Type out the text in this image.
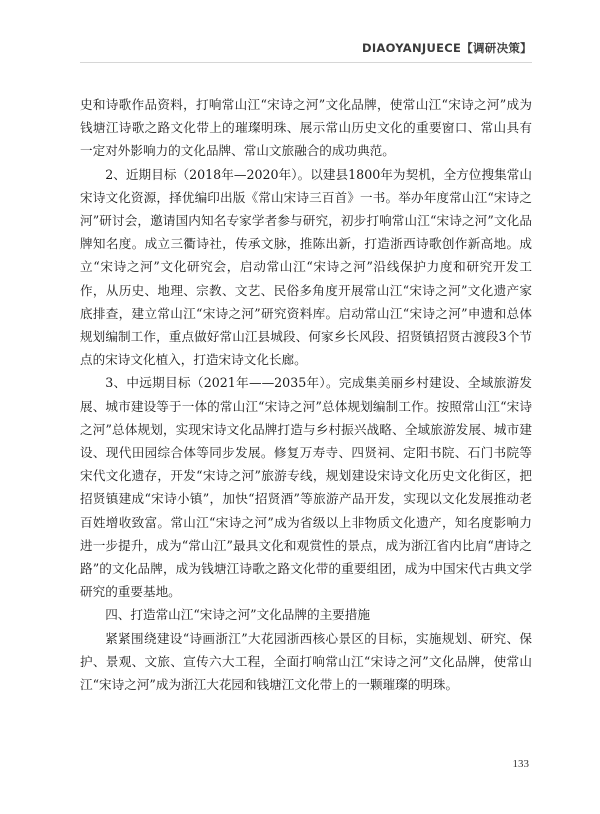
DIAOYANJUECE【调研决策】

史和诗歌作品资料，打响常山江“宋诗之河”文化品牌，使常山江“宋诗之河”成为钱塘江诗歌之路文化带上的璀璨明珠、展示常山历史文化的重要窗口、常山具有一定对外影响力的文化品牌、常山文旅融合的成功典范。

2、近期目标（2018年—2020年）。以建县1800年为契机，全方位搜集常山宋诗文化资源，择优编印出版《常山宋诗三百首》一书。举办年度常山江“宋诗之河”研讨会，邀请国内知名专家学者参与研究，初步打响常山江“宋诗之河”文化品牌知名度。成立三衢诗社，传承文脉，推陈出新，打造浙西诗歌创作新高地。成立“宋诗之河”文化研究会，启动常山江“宋诗之河”沿线保护力度和研究开发工作，从历史、地理、宗教、文艺、民俗多角度开展常山江“宋诗之河”文化遗产家底排查，建立常山江“宋诗之河”研究资料库。启动常山江“宋诗之河”申遗和总体规划编制工作，重点做好常山江县城段、何家乡长风段、招贤镇招贤古渡段3个节点的宋诗文化植入，打造宋诗文化长廊。

3、中远期目标（2021年——2035年）。完成集美丽乡村建设、全域旅游发展、城市建设等于一体的常山江“宋诗之河”总体规划编制工作。按照常山江“宋诗之河”总体规划，实现宋诗文化品牌打造与乡村振兴战略、全域旅游发展、城市建设、现代田园综合体等同步发展。修复万寿寺、四贤祠、定阳书院、石门书院等宋代文化遗存，开发“宋诗之河”旅游专线，规划建设宋诗文化历史文化街区，把招贤镇建成“宋诗小镇”，加快“招贤酒”等旅游产品开发，实现以文化发展推动老百姓增收致富。常山江“宋诗之河”成为省级以上非物质文化遗产，知名度影响力进一步提升，成为“常山江”最具文化和观赏性的景点，成为浙江省内比肩“唐诗之路”的文化品牌，成为钱塘江诗歌之路文化带的重要组团，成为中国宋代古典文学研究的重要基地。

四、打造常山江“宋诗之河”文化品牌的主要措施

紧紧围绕建设“诗画浙江”大花园浙西核心景区的目标，实施规划、研究、保护、景观、文旅、宣传六大工程，全面打响常山江“宋诗之河”文化品牌，使常山江“宋诗之河”成为浙江大花园和钱塘江文化带上的一颗璀璨的明珠。

133
